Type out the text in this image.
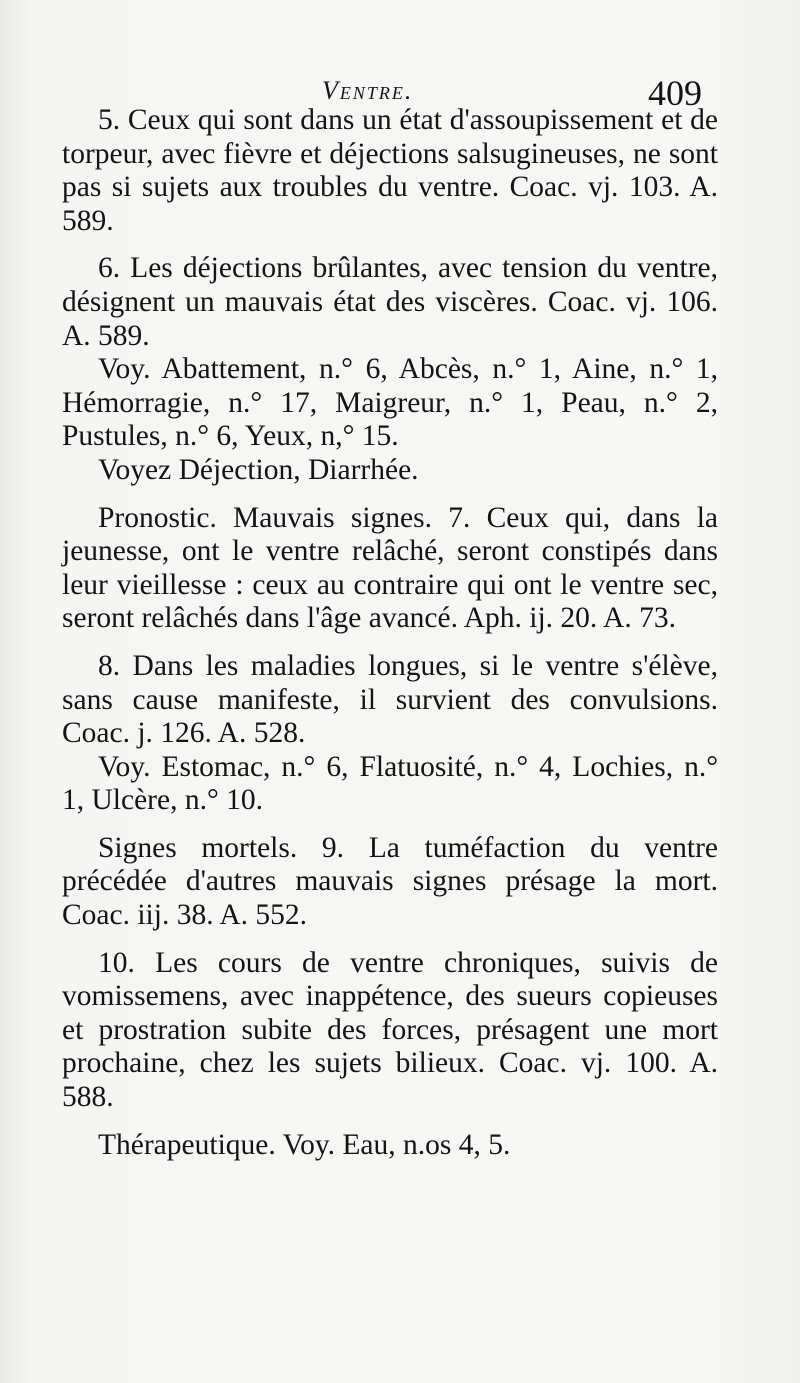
Ventre.	409

5. Ceux qui sont dans un état d'assoupissement et de torpeur, avec fièvre et déjections salsugineuses, ne sont pas si sujets aux troubles du ventre. Coac. vj. 103. A. 589.

6. Les déjections brûlantes, avec tension du ventre, désignent un mauvais état des viscères. Coac. vj. 106. A. 589.

Voy. Abattement, n.° 6, Abcès, n.° 1, Aine, n.° 1, Hémorragie, n.° 17, Maigreur, n.° 1, Peau, n.° 2, Pustules, n.° 6, Yeux, n,° 15.

Voyez Déjection, Diarrhée.

Pronostic. Mauvais signes. 7. Ceux qui, dans la jeunesse, ont le ventre relâché, seront constipés dans leur vieillesse : ceux au contraire qui ont le ventre sec, seront relâchés dans l'âge avancé. Aph. ij. 20. A. 73.

8. Dans les maladies longues, si le ventre s'élève, sans cause manifeste, il survient des convulsions. Coac. j. 126. A. 528.

Voy. Estomac, n.° 6, Flatuosité, n.° 4, Lochies, n.° 1, Ulcère, n.° 10.

Signes mortels. 9. La tuméfaction du ventre précédée d'autres mauvais signes présage la mort. Coac. iij. 38. A. 552.

10. Les cours de ventre chroniques, suivis de vomissemens, avec inappétence, des sueurs copieuses et prostration subite des forces, présagent une mort prochaine, chez les sujets bilieux. Coac. vj. 100. A. 588.

Thérapeutique. Voy. Eau, n.os 4, 5.
